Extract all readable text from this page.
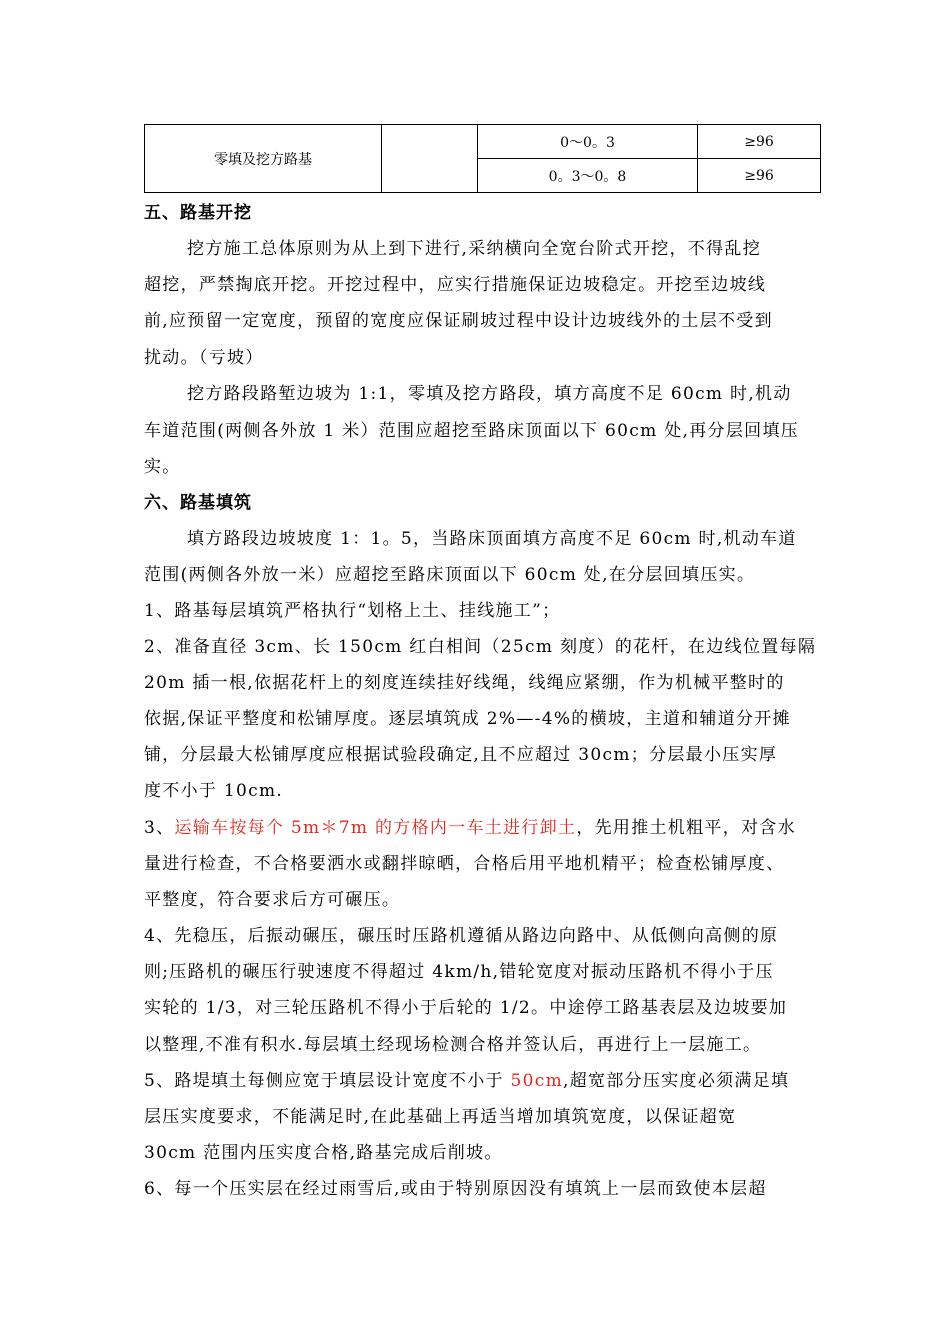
零填及挖方路基		0～0。3	≥96
		0。3～0。8	≥96
五、路基开挖
挖方施工总体原则为从上到下进行,采纳横向全宽台阶式开挖，不得乱挖
超挖，严禁掏底开挖。开挖过程中，应实行措施保证边坡稳定。开挖至边坡线
前,应预留一定宽度，预留的宽度应保证刷坡过程中设计边坡线外的土层不受到
扰动。（亏坡）
挖方路段路堑边坡为 1:1，零填及挖方路段，填方高度不足 60cm 时,机动
车道范围(两侧各外放 1 米）范围应超挖至路床顶面以下 60cm 处,再分层回填压
实。
六、路基填筑
填方路段边坡坡度 1：1。5，当路床顶面填方高度不足 60cm 时,机动车道
范围(两侧各外放一米）应超挖至路床顶面以下 60cm 处,在分层回填压实。
1、路基每层填筑严格执行“划格上土、挂线施工”；
2、准备直径 3cm、长 150cm 红白相间（25cm 刻度）的花杆，在边线位置每隔
20m 插一根,依据花杆上的刻度连续挂好线绳，线绳应紧绷，作为机械平整时的
依据,保证平整度和松铺厚度。逐层填筑成 2%—-4%的横坡，主道和辅道分开摊
铺，分层最大松铺厚度应根据试验段确定,且不应超过 30cm；分层最小压实厚
度不小于 10cm.
3、运输车按每个 5m＊7m 的方格内一车土进行卸土，先用推土机粗平，对含水
量进行检查，不合格要洒水或翻拌晾晒，合格后用平地机精平；检查松铺厚度、
平整度，符合要求后方可碾压。
4、先稳压，后振动碾压，碾压时压路机遵循从路边向路中、从低侧向高侧的原
则;压路机的碾压行驶速度不得超过 4km/h,错轮宽度对振动压路机不得小于压
实轮的 1/3，对三轮压路机不得小于后轮的 1/2。中途停工路基表层及边坡要加
以整理,不准有积水.每层填土经现场检测合格并签认后，再进行上一层施工。
5、路堤填土每侧应宽于填层设计宽度不小于 50cm,超宽部分压实度必须满足填
层压实度要求，不能满足时,在此基础上再适当增加填筑宽度，以保证超宽
30cm 范围内压实度合格,路基完成后削坡。
6、每一个压实层在经过雨雪后,或由于特别原因没有填筑上一层而致使本层超
